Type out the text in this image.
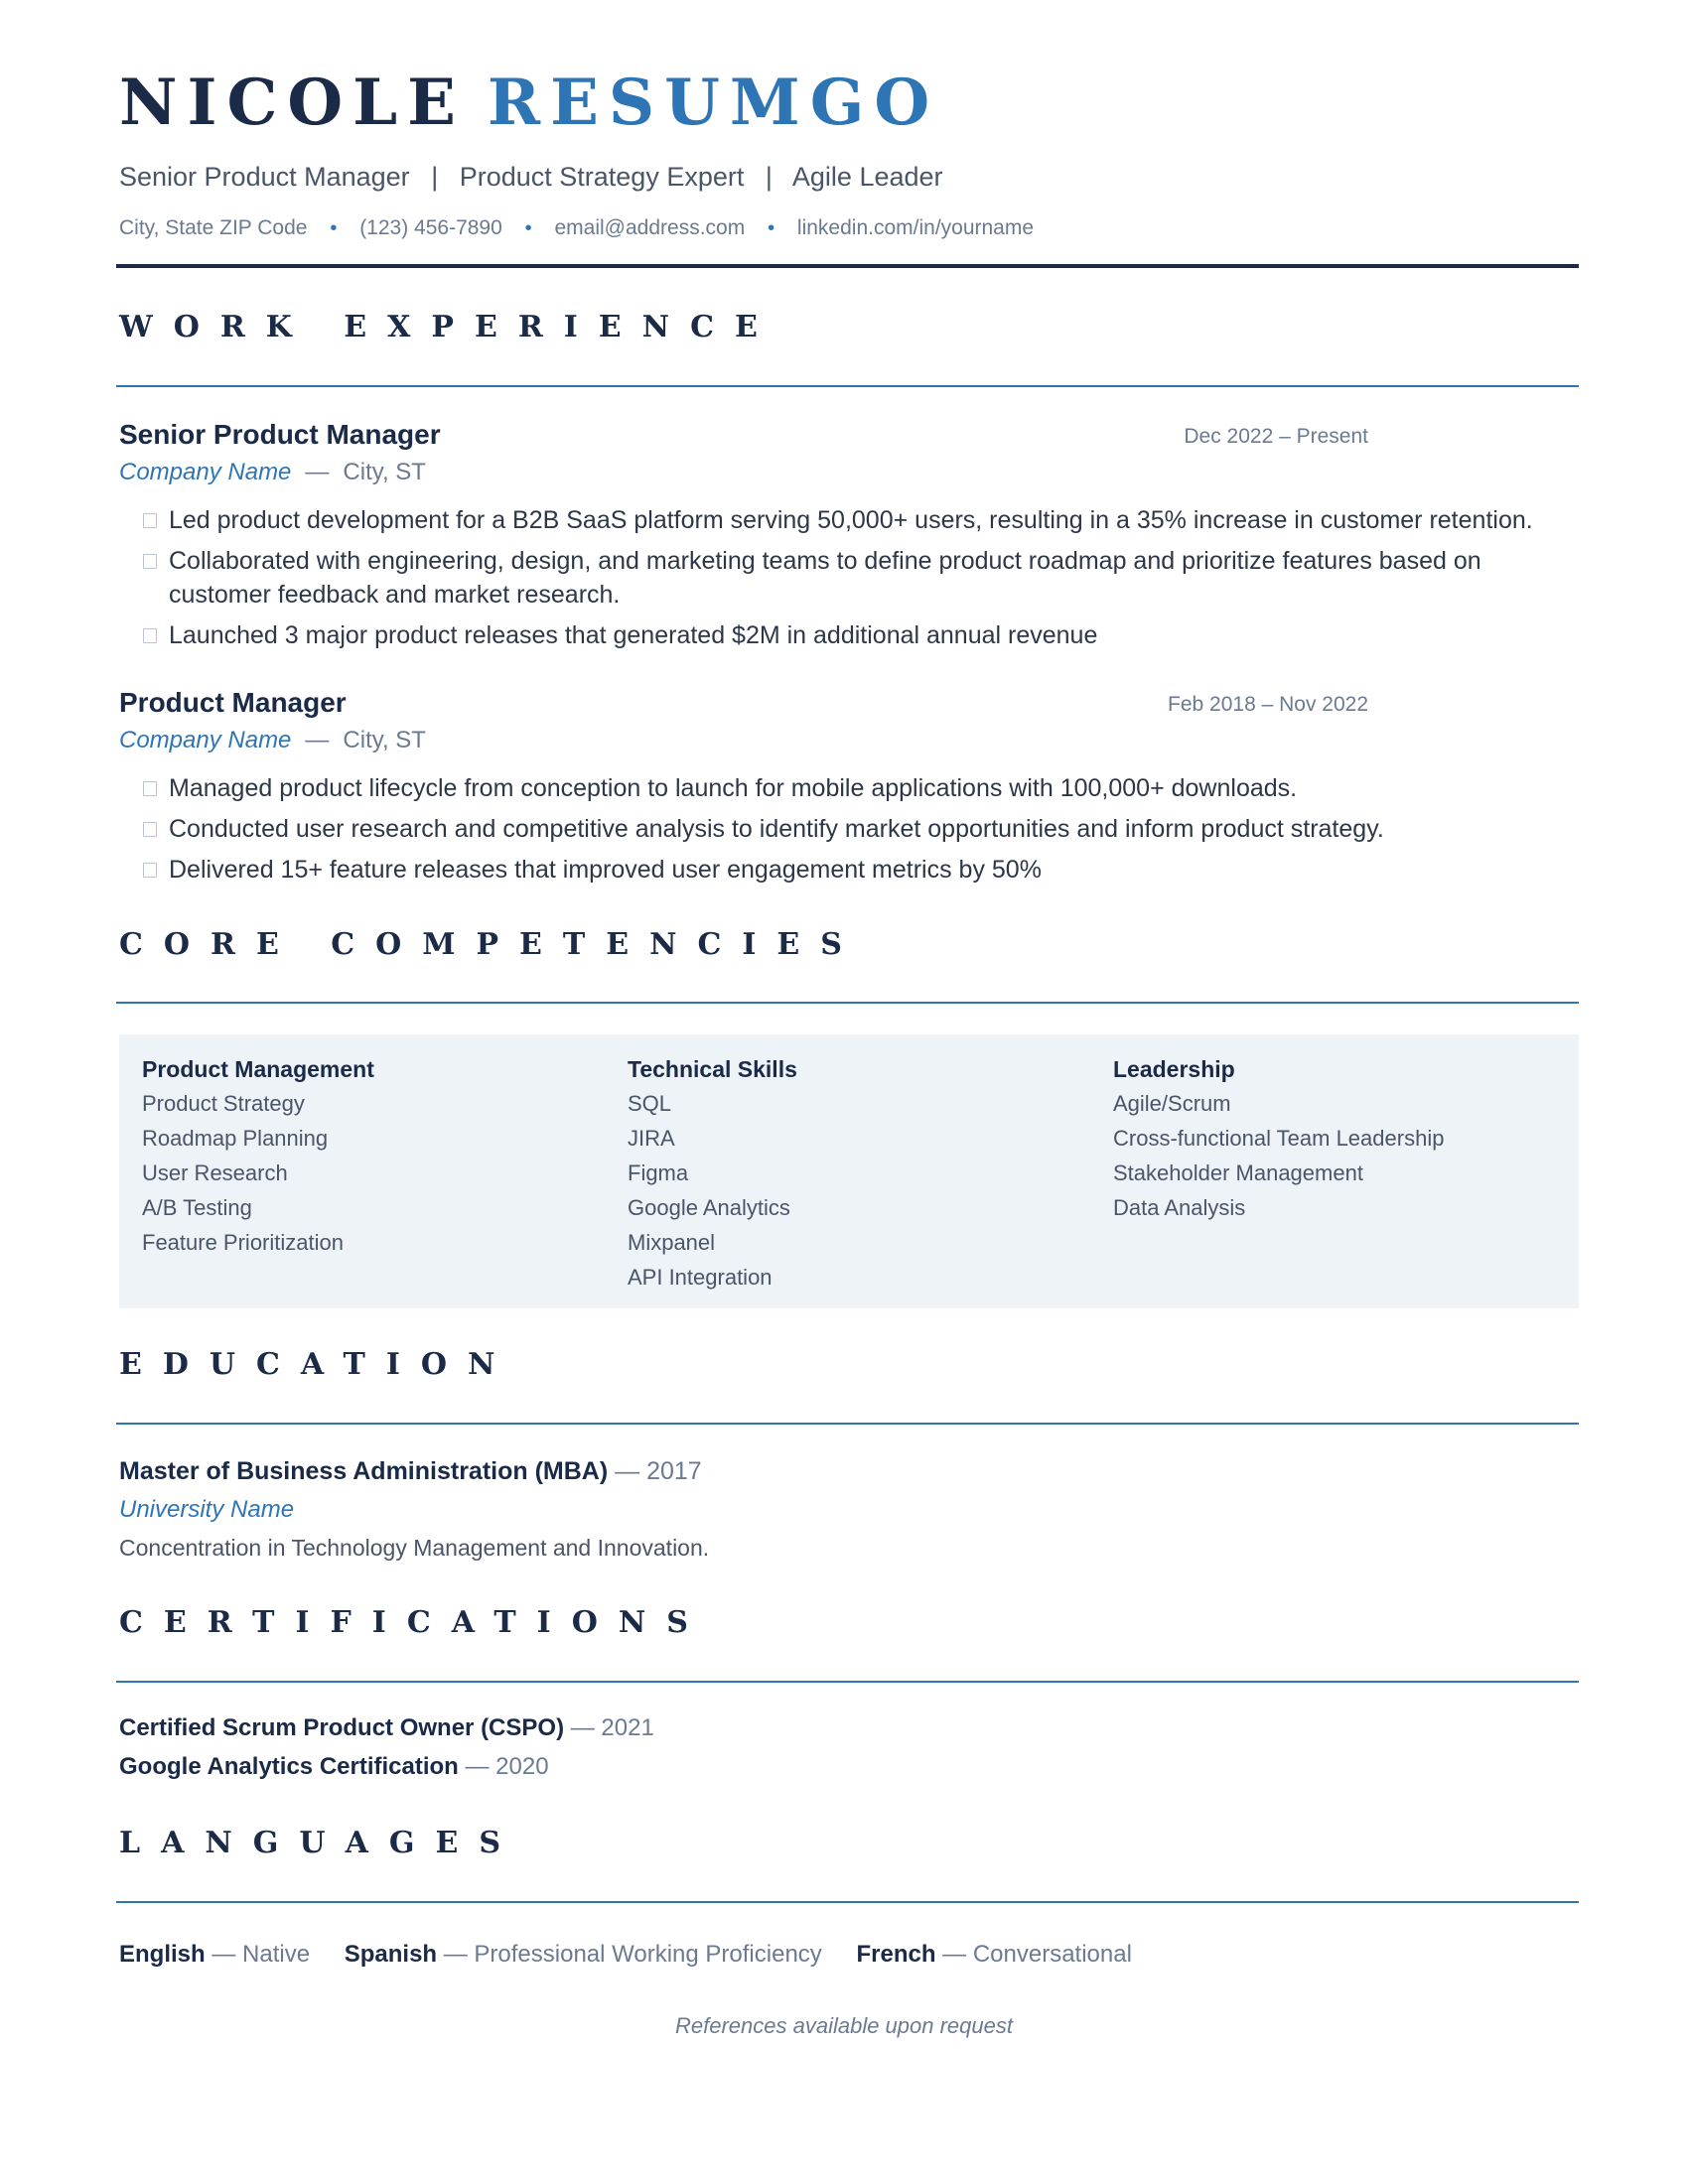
NICOLE RESUMGO
Senior Product Manager | Product Strategy Expert | Agile Leader
City, State ZIP Code • (123) 456-7890 • email@address.com • linkedin.com/in/yourname
WORK EXPERIENCE
Senior Product Manager	Dec 2022 – Present
Company Name — City, ST
Led product development for a B2B SaaS platform serving 50,000+ users, resulting in a 35% increase in customer retention.
Collaborated with engineering, design, and marketing teams to define product roadmap and prioritize features based on customer feedback and market research.
Launched 3 major product releases that generated $2M in additional annual revenue
Product Manager	Feb 2018 – Nov 2022
Company Name — City, ST
Managed product lifecycle from conception to launch for mobile applications with 100,000+ downloads.
Conducted user research and competitive analysis to identify market opportunities and inform product strategy.
Delivered 15+ feature releases that improved user engagement metrics by 50%
CORE COMPETENCIES
Product Management
Product Strategy
Roadmap Planning
User Research
A/B Testing
Feature Prioritization
Technical Skills
SQL
JIRA
Figma
Google Analytics
Mixpanel
API Integration
Leadership
Agile/Scrum
Cross-functional Team Leadership
Stakeholder Management
Data Analysis
EDUCATION
Master of Business Administration (MBA) — 2017
University Name
Concentration in Technology Management and Innovation.
CERTIFICATIONS
Certified Scrum Product Owner (CSPO) — 2021
Google Analytics Certification — 2020
LANGUAGES
English — Native Spanish — Professional Working Proficiency French — Conversational
References available upon request
